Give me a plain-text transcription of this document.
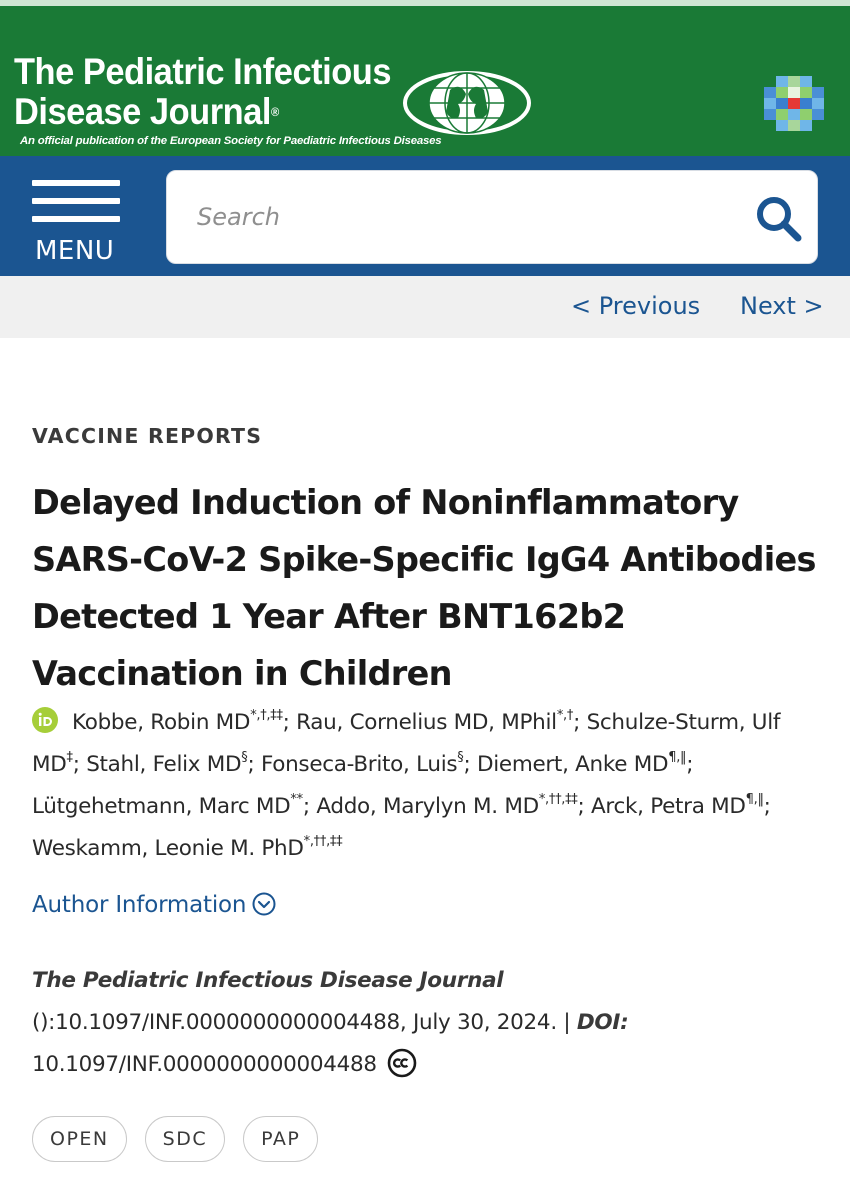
The Pediatric Infectious
Disease Journal®
An official publication of the European Society for Paediatric Infectious Diseases
MENU
Search
< Previous Next >
VACCINE REPORTS
Delayed Induction of Noninflammatory SARS-CoV-2 Spike-Specific IgG4 Antibodies Detected 1 Year After BNT162b2 Vaccination in Children
Kobbe, Robin MD*,†,‡‡; Rau, Cornelius MD, MPhil*,†; Schulze-Sturm, Ulf MD‡; Stahl, Felix MD§; Fonseca-Brito, Luis§; Diemert, Anke MD¶,‖; Lütgehetmann, Marc MD**; Addo, Marylyn M. MD*,††,‡‡; Arck, Petra MD¶,‖; Weskamm, Leonie M. PhD*,††,‡‡
Author Information
The Pediatric Infectious Disease Journal
():10.1097/INF.0000000000004488, July 30, 2024. | DOI:
10.1097/INF.0000000000004488
OPEN	SDC	PAP
